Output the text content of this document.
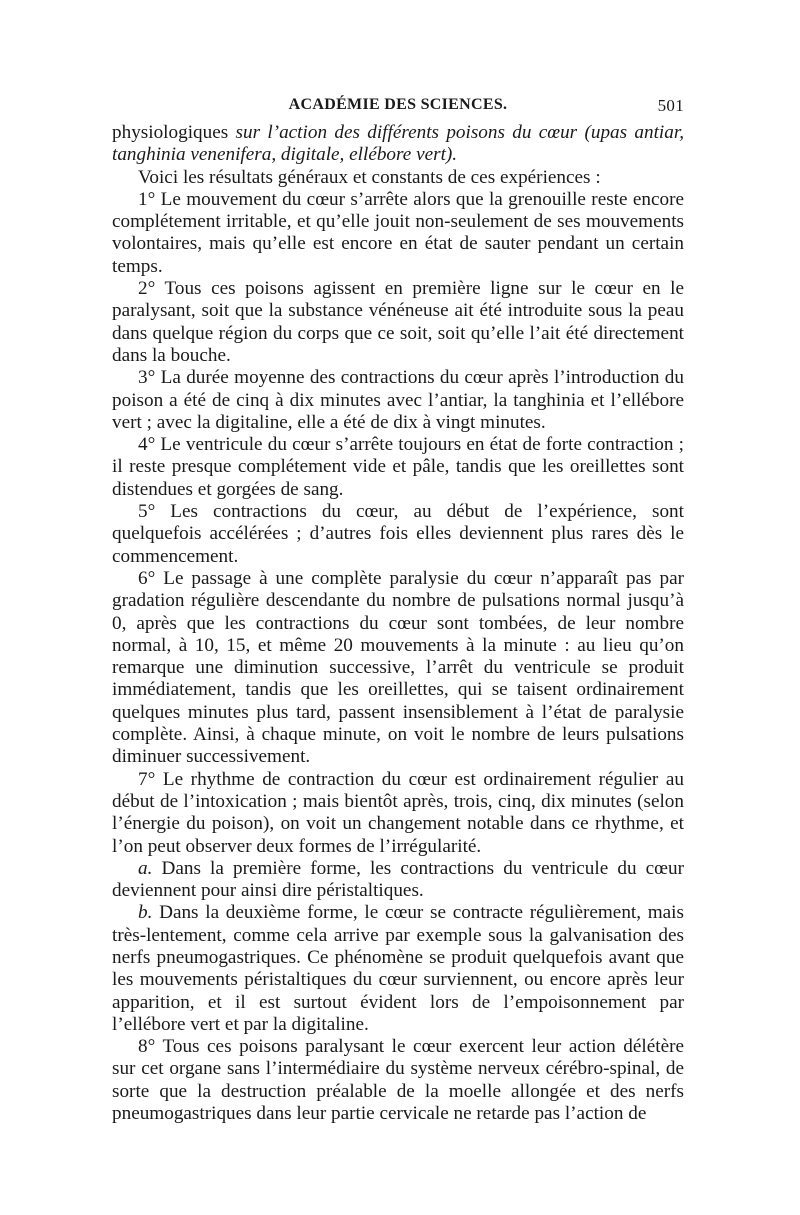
ACADÉMIE DES SCIENCES.	501

physiologiques sur l’action des différents poisons du cœur (upas antiar, tanghinia venenifera, digitale, ellébore vert).

Voici les résultats généraux et constants de ces expériences :

1° Le mouvement du cœur s’arrête alors que la grenouille reste encore complétement irritable, et qu’elle jouit non-seulement de ses mouvements volontaires, mais qu’elle est encore en état de sauter pendant un certain temps.

2° Tous ces poisons agissent en première ligne sur le cœur en le paralysant, soit que la substance vénéneuse ait été introduite sous la peau dans quelque région du corps que ce soit, soit qu’elle l’ait été directement dans la bouche.

3° La durée moyenne des contractions du cœur après l’introduction du poison a été de cinq à dix minutes avec l’antiar, la tanghinia et l’ellébore vert ; avec la digitaline, elle a été de dix à vingt minutes.

4° Le ventricule du cœur s’arrête toujours en état de forte contraction ; il reste presque complétement vide et pâle, tandis que les oreillettes sont distendues et gorgées de sang.

5° Les contractions du cœur, au début de l’expérience, sont quelquefois accélérées ; d’autres fois elles deviennent plus rares dès le commencement.

6° Le passage à une complète paralysie du cœur n’apparaît pas par gradation régulière descendante du nombre de pulsations normal jusqu’à 0, après que les contractions du cœur sont tombées, de leur nombre normal, à 10, 15, et même 20 mouvements à la minute : au lieu qu’on remarque une diminution successive, l’arrêt du ventricule se produit immédiatement, tandis que les oreillettes, qui se taisent ordinairement quelques minutes plus tard, passent insensiblement à l’état de paralysie complète. Ainsi, à chaque minute, on voit le nombre de leurs pulsations diminuer successivement.

7° Le rhythme de contraction du cœur est ordinairement régulier au début de l’intoxication ; mais bientôt après, trois, cinq, dix minutes (selon l’énergie du poison), on voit un changement notable dans ce rhythme, et l’on peut observer deux formes de l’irrégularité.

a. Dans la première forme, les contractions du ventricule du cœur deviennent pour ainsi dire péristaltiques.

b. Dans la deuxième forme, le cœur se contracte régulièrement, mais très-lentement, comme cela arrive par exemple sous la galvanisation des nerfs pneumogastriques. Ce phénomène se produit quelquefois avant que les mouvements péristaltiques du cœur surviennent, ou encore après leur apparition, et il est surtout évident lors de l’empoisonnement par l’ellébore vert et par la digitaline.

8° Tous ces poisons paralysant le cœur exercent leur action délétère sur cet organe sans l’intermédiaire du système nerveux cérébro-spinal, de sorte que la destruction préalable de la moelle allongée et des nerfs pneumogastriques dans leur partie cervicale ne retarde pas l’action de
